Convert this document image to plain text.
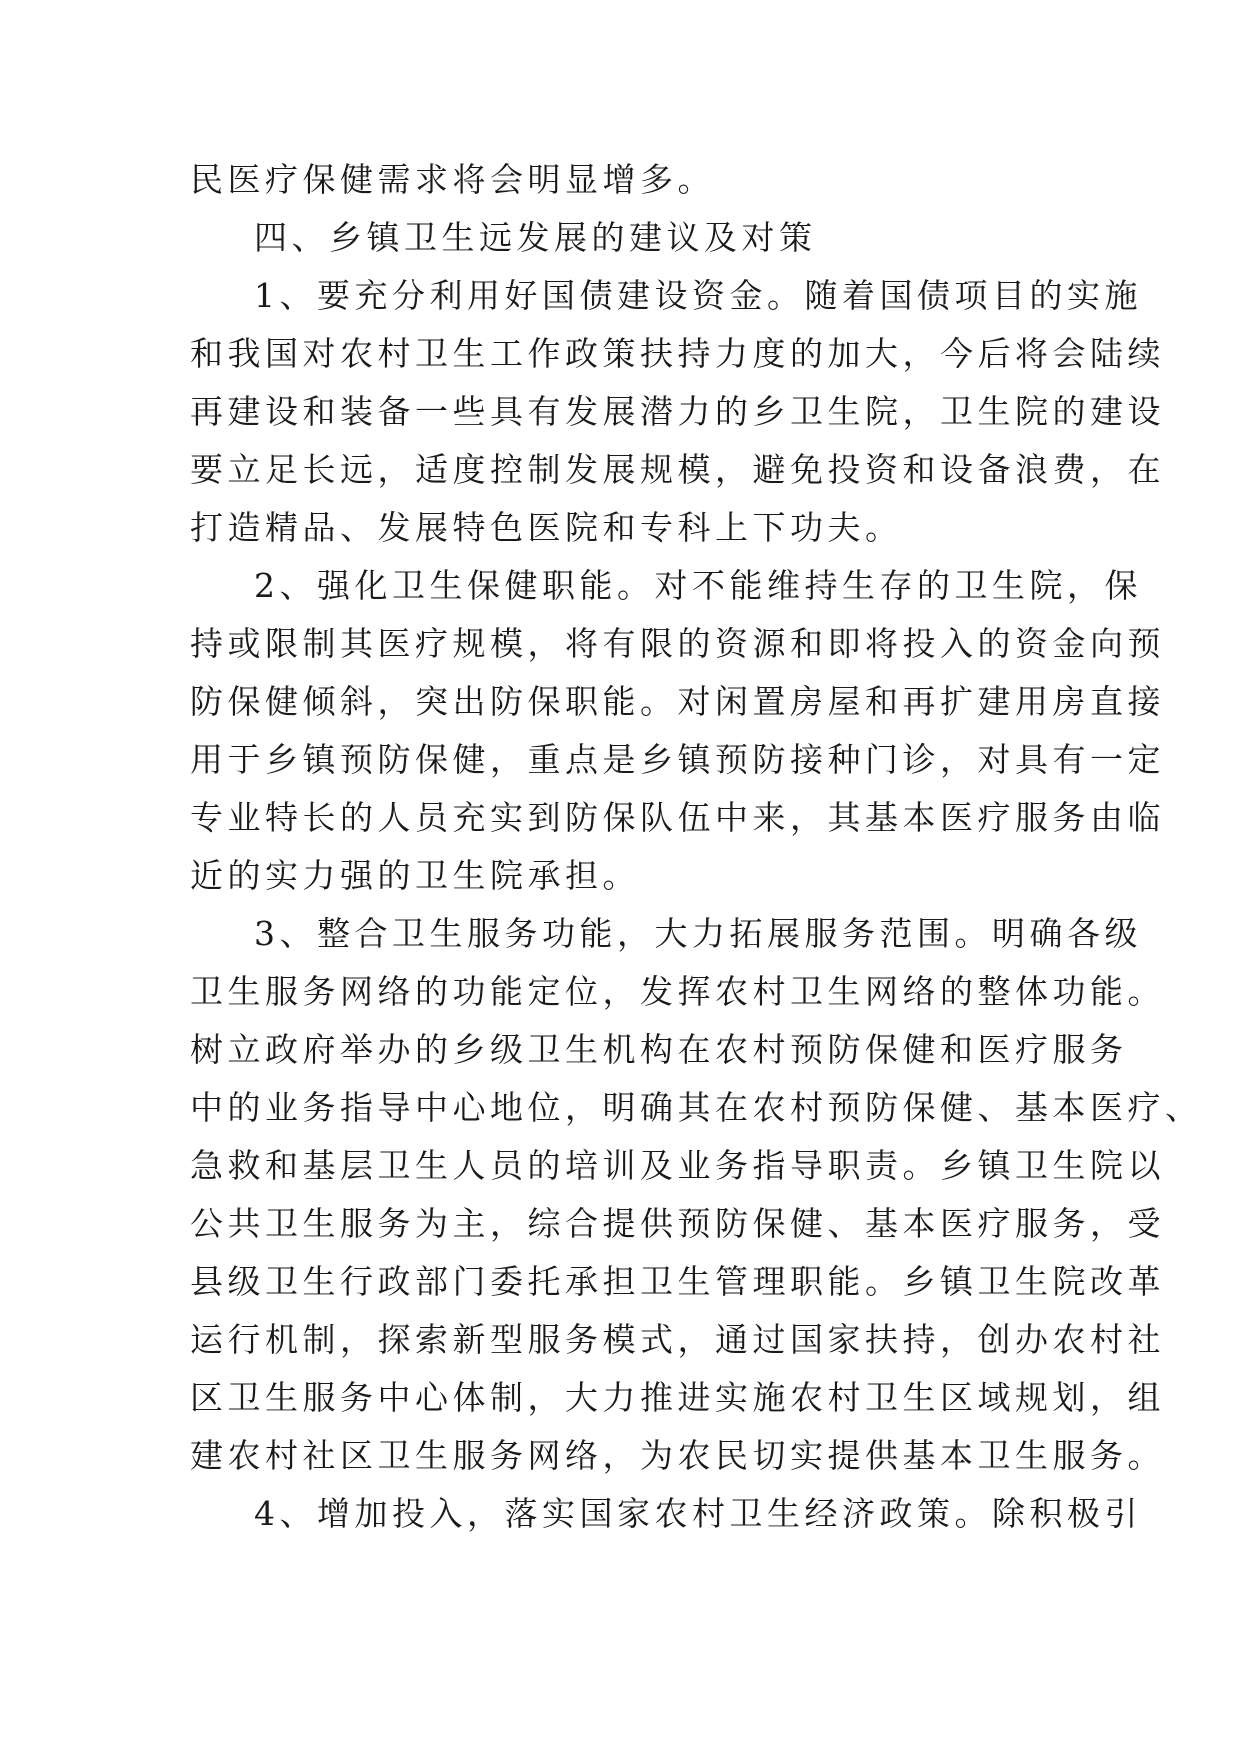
民医疗保健需求将会明显增多。

四、乡镇卫生远发展的建议及对策

1、要充分利用好国债建设资金。随着国债项目的实施

和我国对农村卫生工作政策扶持力度的加大，今后将会陆续

再建设和装备一些具有发展潜力的乡卫生院，卫生院的建设

要立足长远，适度控制发展规模，避免投资和设备浪费，在

打造精品、发展特色医院和专科上下功夫。

2、强化卫生保健职能。对不能维持生存的卫生院，保

持或限制其医疗规模，将有限的资源和即将投入的资金向预

防保健倾斜，突出防保职能。对闲置房屋和再扩建用房直接

用于乡镇预防保健，重点是乡镇预防接种门诊，对具有一定

专业特长的人员充实到防保队伍中来，其基本医疗服务由临

近的实力强的卫生院承担。

3、整合卫生服务功能，大力拓展服务范围。明确各级

卫生服务网络的功能定位，发挥农村卫生网络的整体功能。

树立政府举办的乡级卫生机构在农村预防保健和医疗服务

中的业务指导中心地位，明确其在农村预防保健、基本医疗、

急救和基层卫生人员的培训及业务指导职责。乡镇卫生院以

公共卫生服务为主，综合提供预防保健、基本医疗服务，受

县级卫生行政部门委托承担卫生管理职能。乡镇卫生院改革

运行机制，探索新型服务模式，通过国家扶持，创办农村社

区卫生服务中心体制，大力推进实施农村卫生区域规划，组

建农村社区卫生服务网络，为农民切实提供基本卫生服务。

4、增加投入，落实国家农村卫生经济政策。除积极引
